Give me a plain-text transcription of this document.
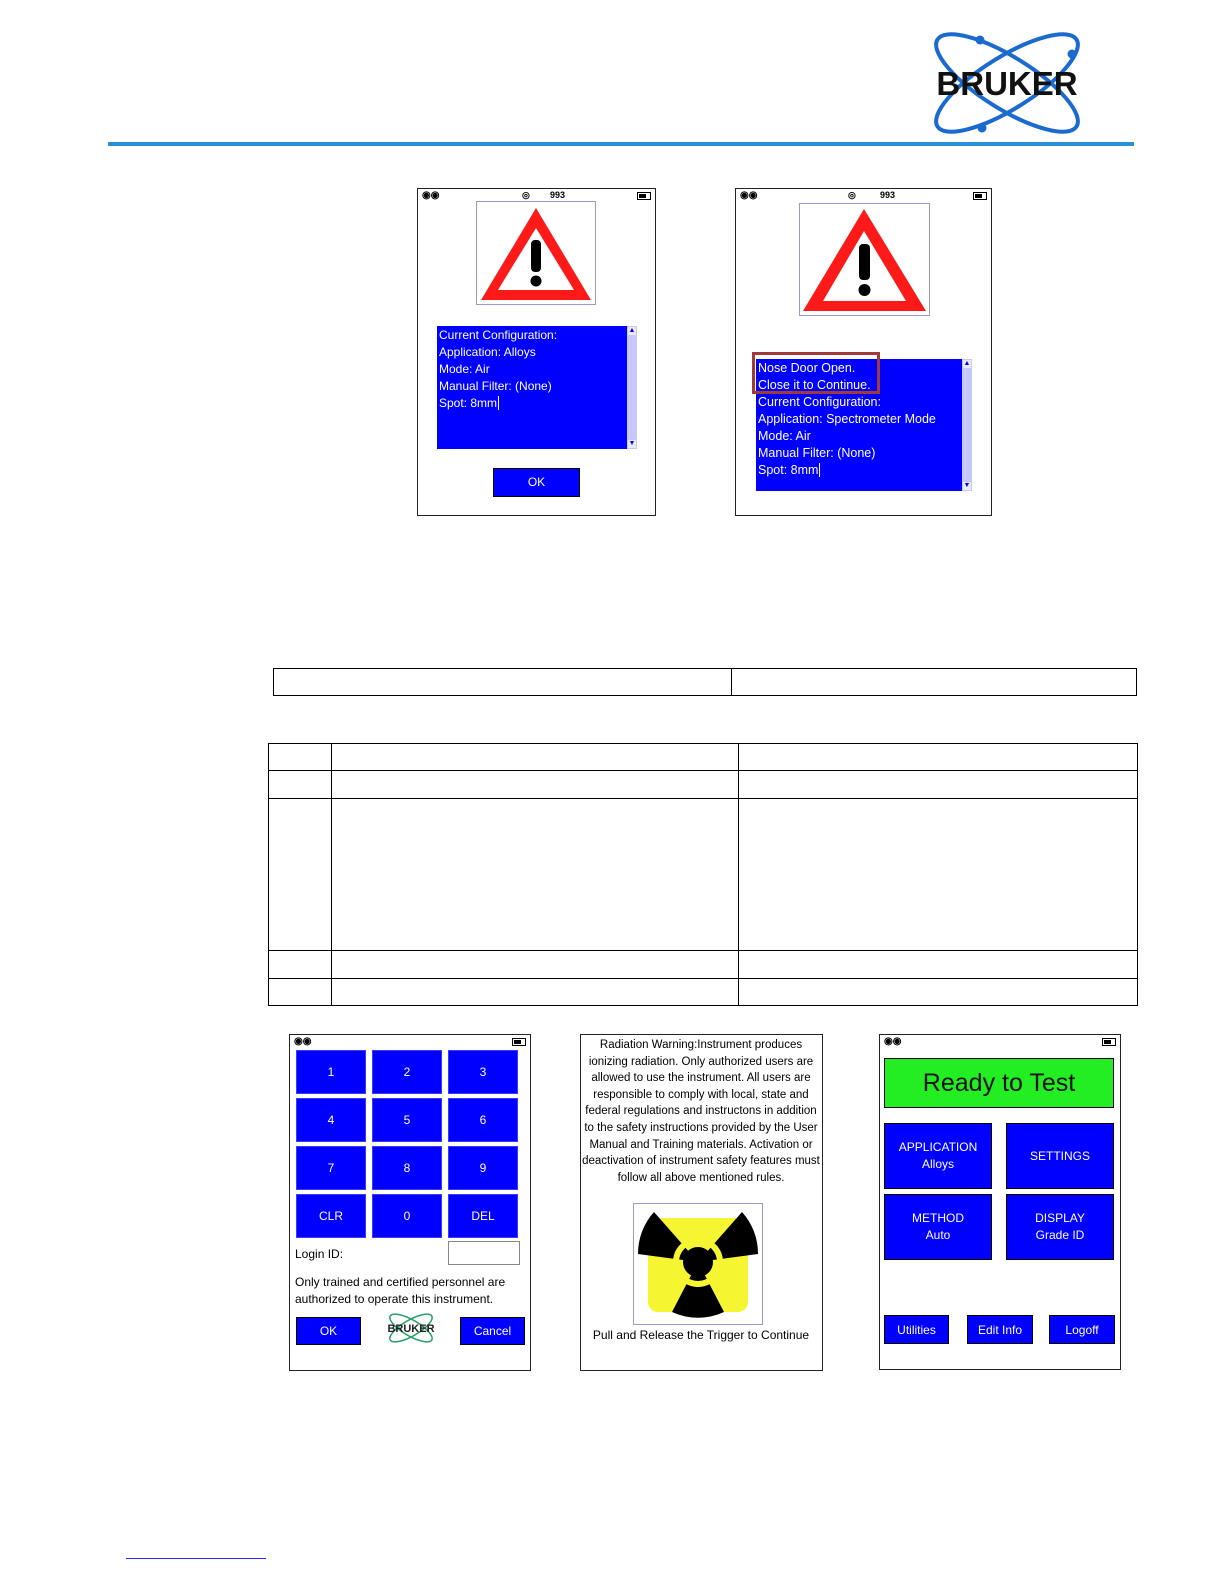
BRUKER
◉◉	◎ 993
Current Configuration:
Application: Alloys
Mode: Air
Manual Filter: (None)
Spot: 8mm
▲
▼
OK
◉◉	◎	993
Nose Door Open.
Close it to Continue.
Current Configuration:
Application: Spectrometer Mode
Mode: Air
Manual Filter: (None)
Spot: 8mm
▲
▼

◉◉
1	2	3
4	5	6
7	8	9
CLR	0	DEL
Login ID:
Only trained and certified personnel are authorized to operate this instrument.
OK	BRUKER	Cancel
Radiation Warning:Instrument produces ionizing radiation. Only authorized users are allowed to use the instrument. All users are responsible to comply with local, state and federal regulations and instructons in addition to the safety instructions provided by the User Manual and Training materials. Activation or deactivation of instrument safety features must follow all above mentioned rules.
Pull and Release the Trigger to Continue
◉◉
Ready to Test
APPLICATION
Alloys
SETTINGS
METHOD
Auto
DISPLAY
Grade ID
Utilities	Edit Info	Logoff
